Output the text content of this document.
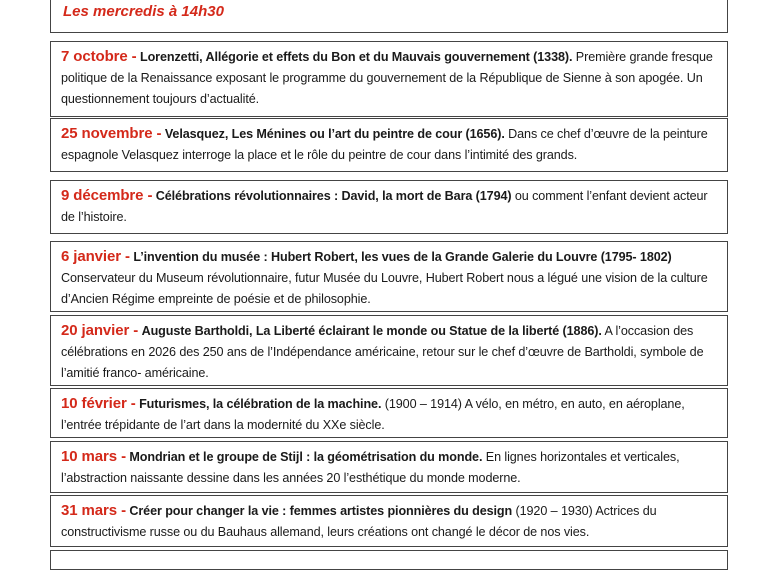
Les mercredis à 14h30
7 octobre - Lorenzetti, Allégorie et effets du Bon et du Mauvais gouvernement (1338). Première grande fresque politique de la Renaissance exposant le programme du gouvernement de la République de Sienne à son apogée. Un questionnement toujours d’actualité.
25 novembre - Velasquez, Les Ménines ou l’art du peintre de cour (1656). Dans ce chef d’œuvre de la peinture espagnole Velasquez interroge la place et le rôle du peintre de cour dans l’intimité des grands.
9 décembre - Célébrations révolutionnaires : David, la mort de Bara (1794) ou comment l’enfant devient acteur de l’histoire.
6 janvier - L’invention du musée : Hubert Robert, les vues de la Grande Galerie du Louvre (1795- 1802) Conservateur du Museum révolutionnaire, futur Musée du Louvre, Hubert Robert nous a légué une vision de la culture d’Ancien Régime empreinte de poésie et de philosophie.
20 janvier - Auguste Bartholdi, La Liberté éclairant le monde ou Statue de la liberté (1886). A l’occasion des célébrations en 2026 des 250 ans de l’Indépendance américaine, retour sur le chef d’œuvre de Bartholdi, symbole de l’amitié franco- américaine.
10 février - Futurismes, la célébration de la machine. (1900 – 1914) A vélo, en métro, en auto, en aéroplane, l’entrée trépidante de l’art dans la modernité du XXe siècle.
10 mars - Mondrian et le groupe de Stijl : la géométrisation du monde. En lignes horizontales et verticales, l’abstraction naissante dessine dans les années 20 l’esthétique du monde moderne.
31 mars - Créer pour changer la vie : femmes artistes pionnières du design (1920 – 1930) Actrices du constructivisme russe ou du Bauhaus allemand, leurs créations ont changé le décor de nos vies.
